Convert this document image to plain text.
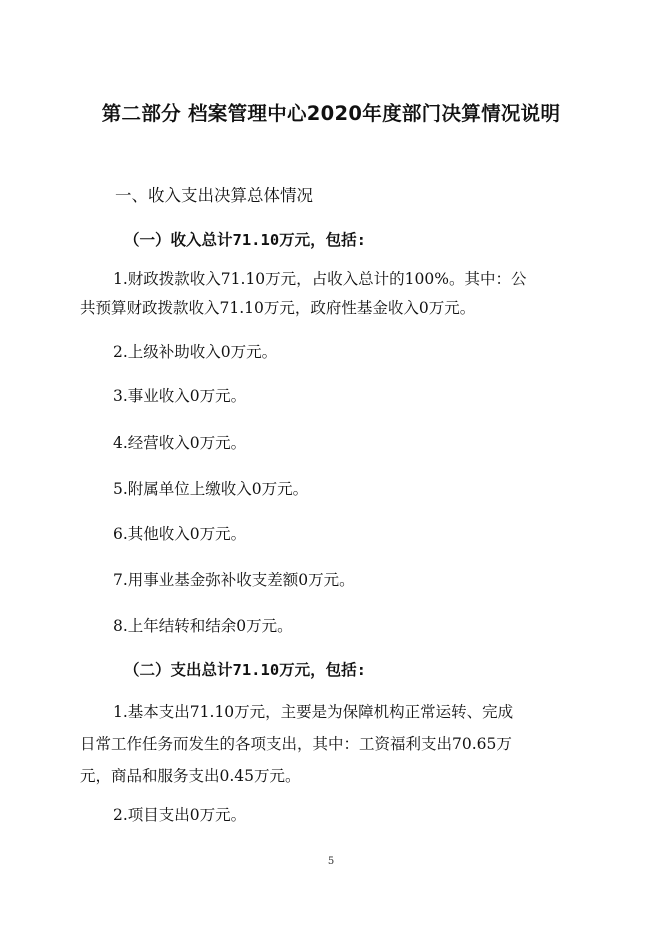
第二部分 档案管理中心2020年度部门决算情况说明
一、收入支出决算总体情况
（一）收入总计71.10万元，包括:
1.财政拨款收入71.10万元，占收入总计的100%。其中：公
共预算财政拨款收入71.10万元，政府性基金收入0万元。
2.上级补助收入0万元。
3.事业收入0万元。
4.经营收入0万元。
5.附属单位上缴收入0万元。
6.其他收入0万元。
7.用事业基金弥补收支差额0万元。
8.上年结转和结余0万元。
（二）支出总计71.10万元，包括:
1.基本支出71.10万元，主要是为保障机构正常运转、完成
日常工作任务而发生的各项支出，其中：工资福利支出70.65万
元，商品和服务支出0.45万元。
2.项目支出0万元。
5
